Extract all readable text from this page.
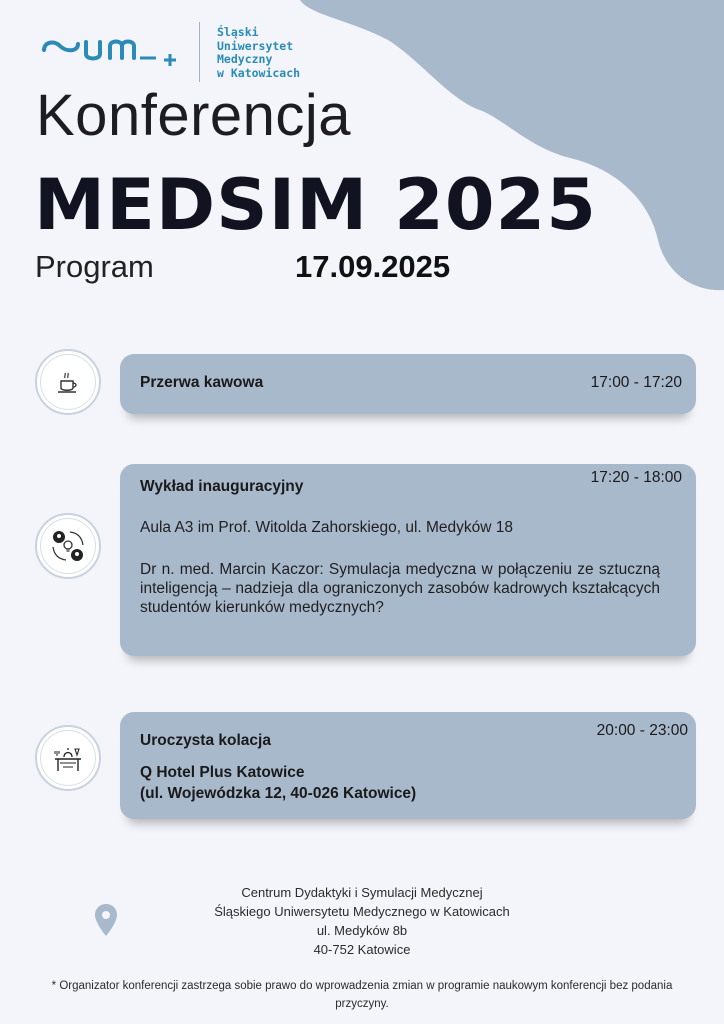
Śląski
Uniwersytet
Medyczny
w Katowicach
Konferencja
MEDSIM 2025
Program	17.09.2025
Przerwa kawowa	17:00 - 17:20
Wykład inauguracyjny
17:20 - 18:00
Aula A3 im Prof. Witolda Zahorskiego, ul. Medyków 18
Dr n. med. Marcin Kaczor: Symulacja medyczna w połączeniu ze sztuczną inteligencją – nadzieja dla ograniczonych zasobów kadrowych kształcących studentów kierunków medycznych?
Uroczysta kolacja
20:00 - 23:00
Q Hotel Plus Katowice
(ul. Wojewódzka 12, 40-026 Katowice)
Centrum Dydaktyki i Symulacji Medycznej
Śląskiego Uniwersytetu Medycznego w Katowicach
ul. Medyków 8b
40-752 Katowice
* Organizator konferencji zastrzega sobie prawo do wprowadzenia zmian w programie naukowym konferencji bez podania przyczyny.
